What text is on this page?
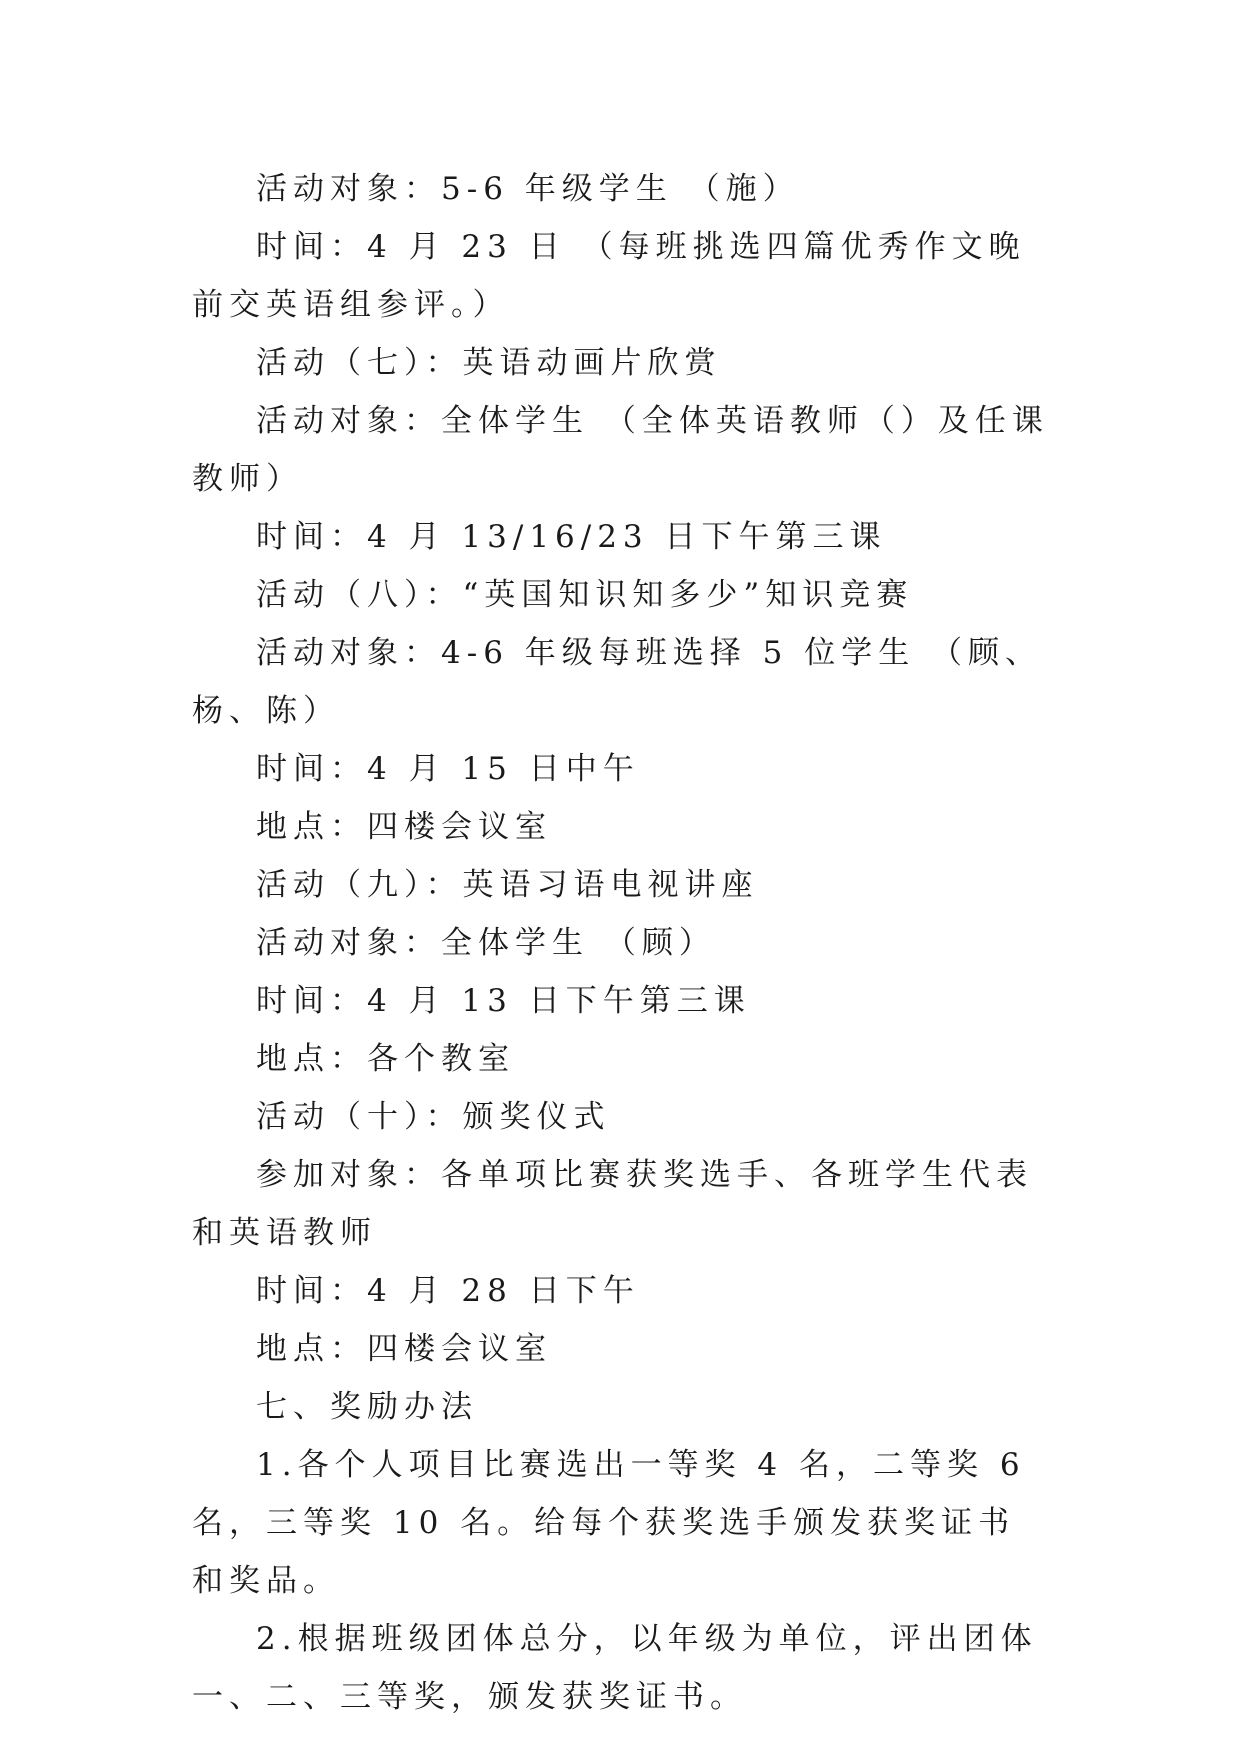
活动对象：5-6 年级学生 （施）

时间：4 月 23 日 （每班挑选四篇优秀作文晚前交英语组参评。）

活动（七）：英语动画片欣赏

活动对象：全体学生 （全体英语教师（）及任课教师）

时间：4 月 13/16/23 日下午第三课

活动（八）：“英国知识知多少”知识竞赛

活动对象：4-6 年级每班选择 5 位学生 （顾、杨、陈）

时间：4 月 15 日中午

地点：四楼会议室

活动（九）：英语习语电视讲座

活动对象：全体学生 （顾）

时间：4 月 13 日下午第三课

地点：各个教室

活动（十）：颁奖仪式

参加对象：各单项比赛获奖选手、各班学生代表和英语教师

时间：4 月 28 日下午

地点：四楼会议室

七、奖励办法

1.各个人项目比赛选出一等奖 4 名，二等奖 6 名，三等奖 10 名。给每个获奖选手颁发获奖证书和奖品。

2.根据班级团体总分，以年级为单位，评出团体一、二、三等奖，颁发获奖证书。
